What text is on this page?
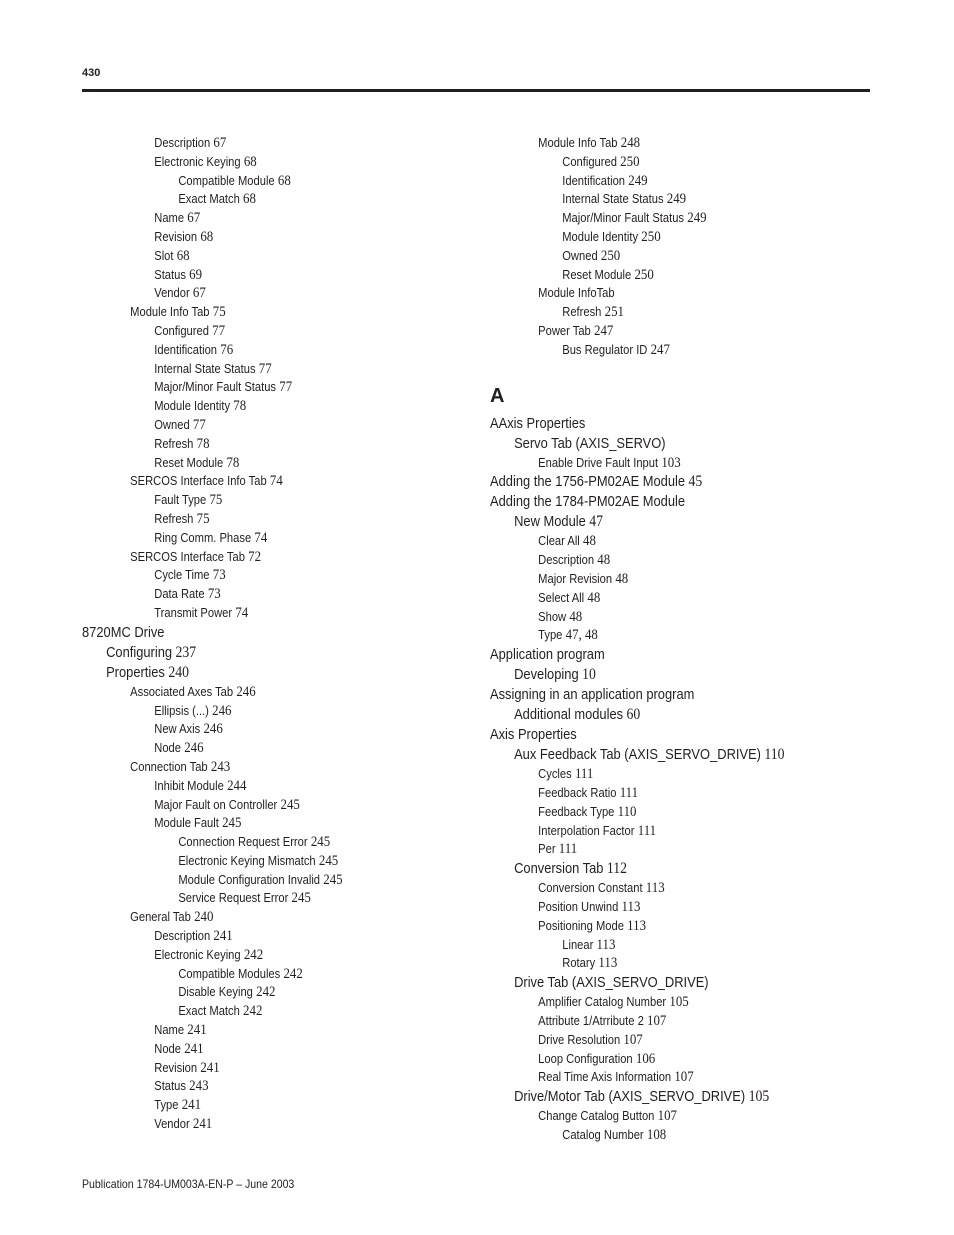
430
Description 67
Electronic Keying 68
Compatible Module 68
Exact Match 68
Name 67
Revision 68
Slot 68
Status 69
Vendor 67
Module Info Tab 75
Configured 77
Identification 76
Internal State Status 77
Major/Minor Fault Status 77
Module Identity 78
Owned 77
Refresh 78
Reset Module 78
SERCOS Interface Info Tab 74
Fault Type 75
Refresh 75
Ring Comm. Phase 74
SERCOS Interface Tab 72
Cycle Time 73
Data Rate 73
Transmit Power 74
8720MC Drive
Configuring 237
Properties 240
Associated Axes Tab 246
Ellipsis (...) 246
New Axis 246
Node 246
Connection Tab 243
Inhibit Module 244
Major Fault on Controller 245
Module Fault 245
Connection Request Error 245
Electronic Keying Mismatch 245
Module Configuration Invalid 245
Service Request Error 245
General Tab 240
Description 241
Electronic Keying 242
Compatible Modules 242
Disable Keying 242
Exact Match 242
Name 241
Node 241
Revision 241
Status 243
Type 241
Vendor 241
Module Info Tab 248
Configured 250
Identification 249
Internal State Status 249
Major/Minor Fault Status 249
Module Identity 250
Owned 250
Reset Module 250
Module InfoTab
Refresh 251
Power Tab 247
Bus Regulator ID 247
A
AAxis Properties
Servo Tab (AXIS_SERVO)
Enable Drive Fault Input 103
Adding the 1756-PM02AE Module 45
Adding the 1784-PM02AE Module
New Module 47
Clear All 48
Description 48
Major Revision 48
Select All 48
Show 48
Type 47, 48
Application program
Developing 10
Assigning in an application program
Additional modules 60
Axis Properties
Aux Feedback Tab (AXIS_SERVO_DRIVE) 110
Cycles 111
Feedback Ratio 111
Feedback Type 110
Interpolation Factor 111
Per 111
Conversion Tab 112
Conversion Constant 113
Position Unwind 113
Positioning Mode 113
Linear 113
Rotary 113
Drive Tab (AXIS_SERVO_DRIVE)
Amplifier Catalog Number 105
Attribute 1/Atrribute 2 107
Drive Resolution 107
Loop Configuration 106
Real Time Axis Information 107
Drive/Motor Tab (AXIS_SERVO_DRIVE) 105
Change Catalog Button 107
Catalog Number 108
Publication 1784-UM003A-EN-P – June 2003
